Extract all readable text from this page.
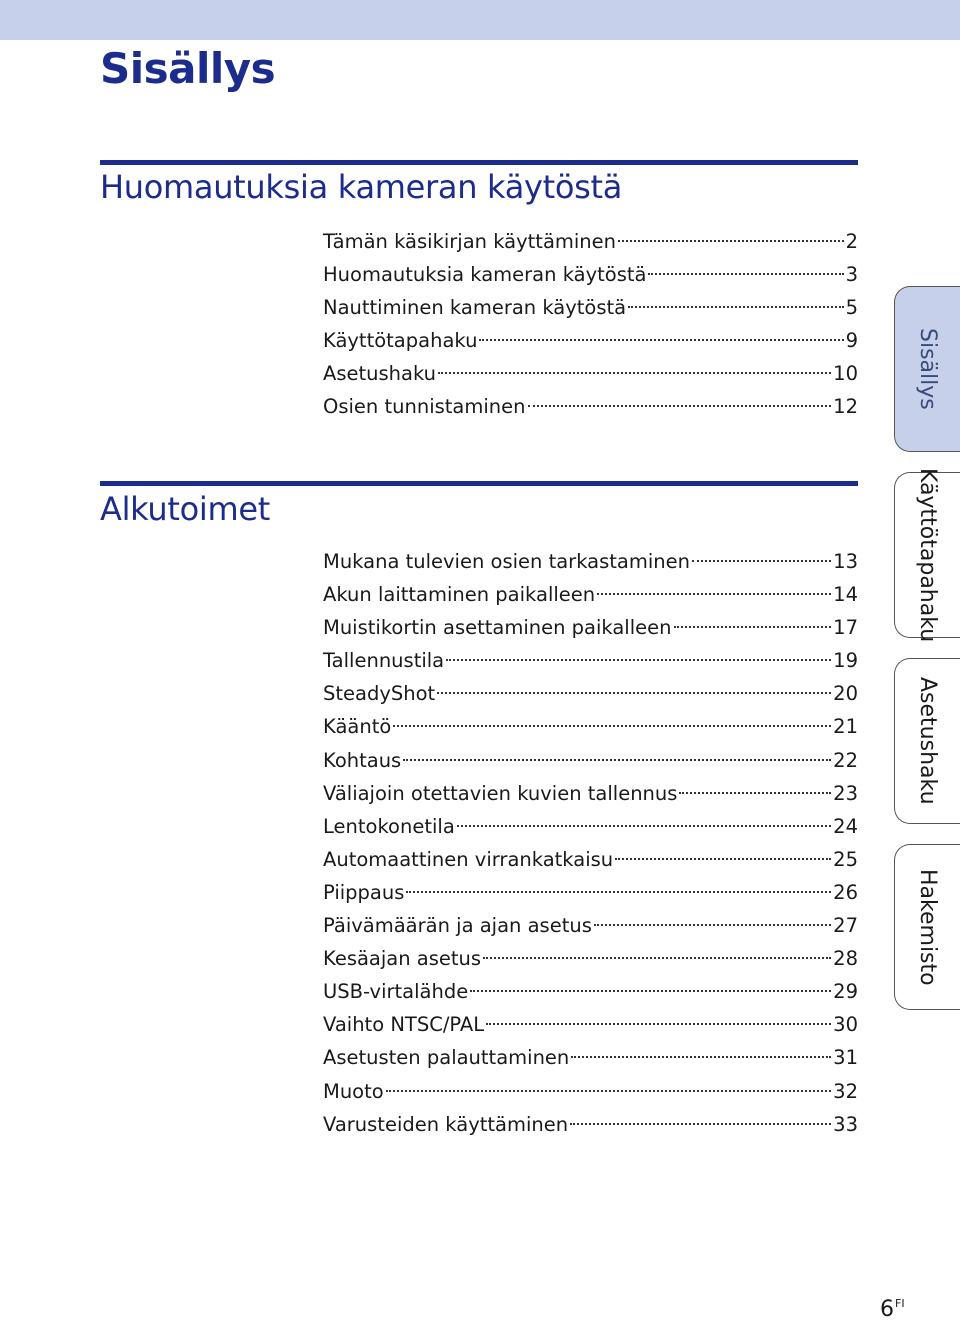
Sisällys
Huomautuksia kameran käytöstä
Tämän käsikirjan käyttäminen	2
Huomautuksia kameran käytöstä	3
Nauttiminen kameran käytöstä	5
Käyttötapahaku	9
Asetushaku	10
Osien tunnistaminen	12
Alkutoimet
Mukana tulevien osien tarkastaminen	13
Akun laittaminen paikalleen	14
Muistikortin asettaminen paikalleen	17
Tallennustila	19
SteadyShot	20
Kääntö	21
Kohtaus	22
Väliajoin otettavien kuvien tallennus	23
Lentokonetila	24
Automaattinen virrankatkaisu	25
Piippaus	26
Päivämäärän ja ajan asetus	27
Kesäajan asetus	28
USB-virtalähde	29
Vaihto NTSC/PAL	30
Asetusten palauttaminen	31
Muoto	32
Varusteiden käyttäminen	33
Sisällys
Käyttötapahaku
Asetushaku
Hakemisto
$6^{FI}$
